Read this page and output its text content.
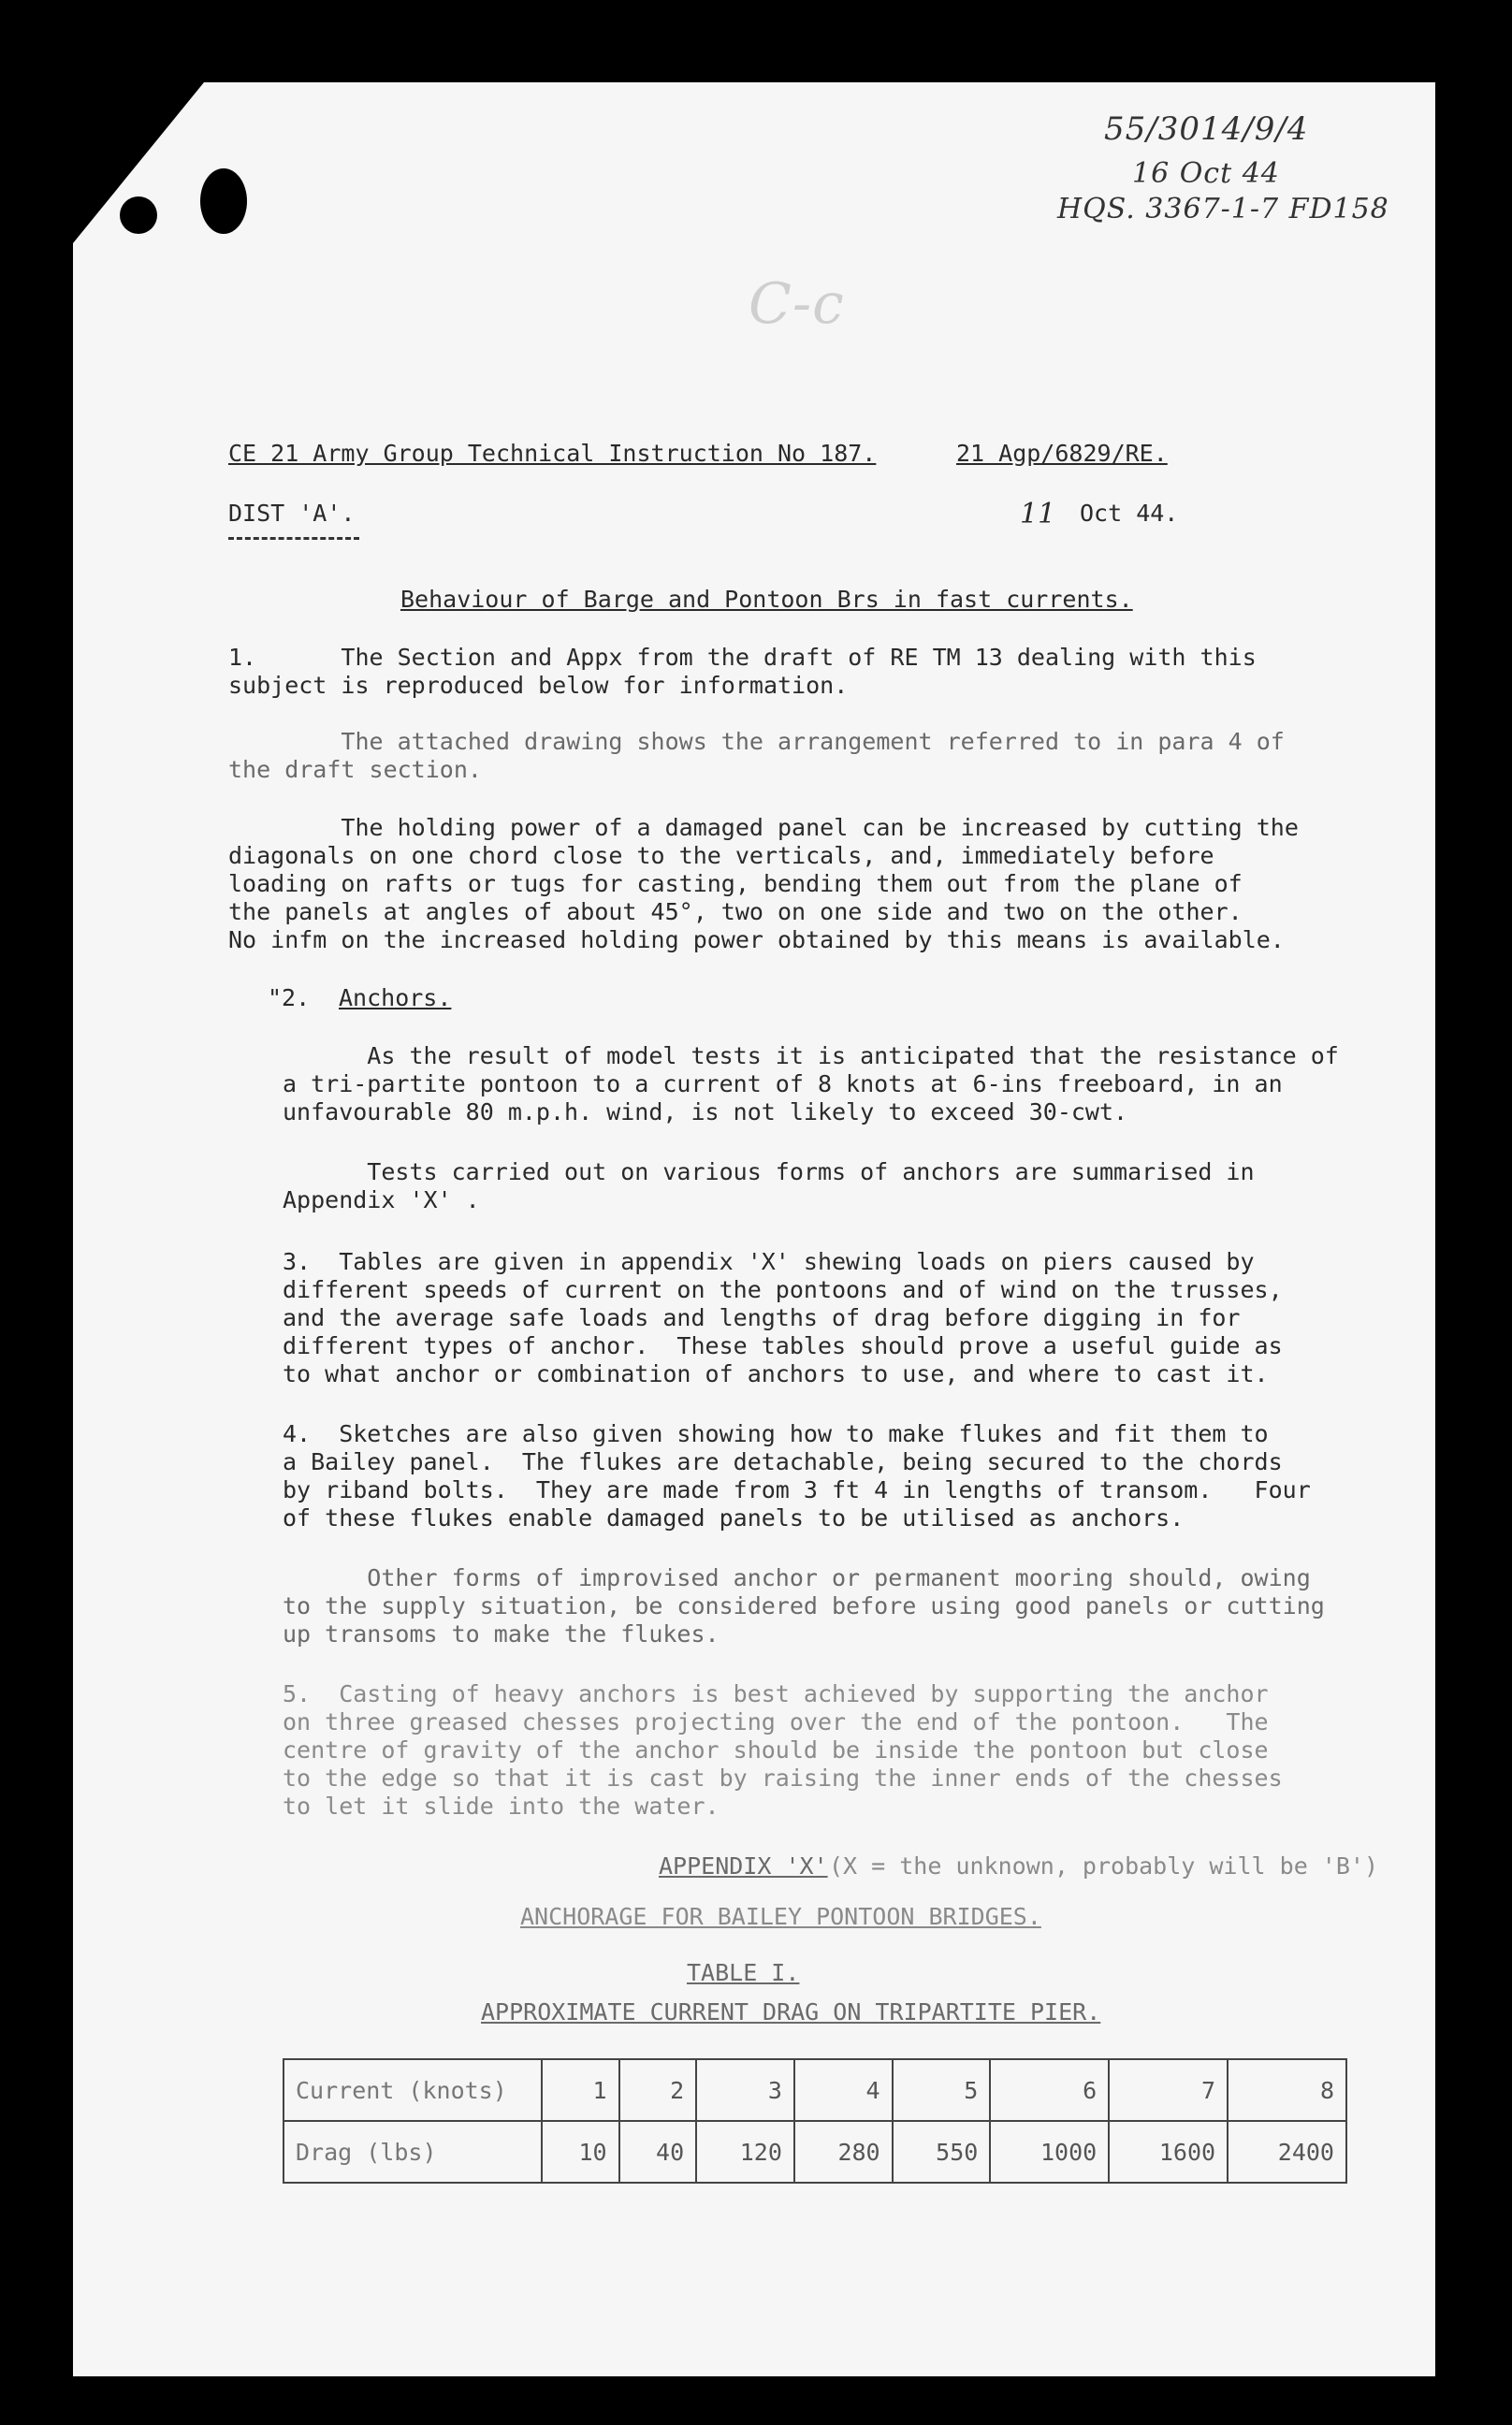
55/3014/9/4
16 Oct 44
HQS. 3367-1-7 FD158
C-c
CE 21 Army Group Technical Instruction No 187.	21 Agp/6829/RE.
DIST 'A'.	11 Oct 44.
Behaviour of Barge and Pontoon Brs in fast currents.
1.      The Section and Appx from the draft of RE TM 13 dealing with this
subject is reproduced below for information.
The attached drawing shows the arrangement referred to in para 4 of
the draft section.
The holding power of a damaged panel can be increased by cutting the
diagonals on one chord close to the verticals, and, immediately before
loading on rafts or tugs for casting, bending them out from the plane of
the panels at angles of about 45°, two on one side and two on the other.
No infm on the increased holding power obtained by this means is available.
"2. Anchors.
As the result of model tests it is anticipated that the resistance of
a tri-partite pontoon to a current of 8 knots at 6-ins freeboard, in an
unfavourable 80 m.p.h. wind, is not likely to exceed 30-cwt.
Tests carried out on various forms of anchors are summarised in
Appendix 'X' .
3.  Tables are given in appendix 'X' shewing loads on piers caused by
different speeds of current on the pontoons and of wind on the trusses,
and the average safe loads and lengths of drag before digging in for
different types of anchor.  These tables should prove a useful guide as
to what anchor or combination of anchors to use, and where to cast it.
4.  Sketches are also given showing how to make flukes and fit them to
a Bailey panel.  The flukes are detachable, being secured to the chords
by riband bolts.  They are made from 3 ft 4 in lengths of transom.   Four
of these flukes enable damaged panels to be utilised as anchors.
Other forms of improvised anchor or permanent mooring should, owing
to the supply situation, be considered before using good panels or cutting
up transoms to make the flukes.
5.  Casting of heavy anchors is best achieved by supporting the anchor
on three greased chesses projecting over the end of the pontoon.   The
centre of gravity of the anchor should be inside the pontoon but close
to the edge so that it is cast by raising the inner ends of the chesses
to let it slide into the water.
APPENDIX 'X' (X = the unknown, probably will be 'B')
ANCHORAGE FOR BAILEY PONTOON BRIDGES.
TABLE I.
APPROXIMATE CURRENT DRAG ON TRIPARTITE PIER.
Current (knots)	1	2	3	4	5	6	7	8
Drag (lbs)	10	40	120	280	550	1000	1600	2400
